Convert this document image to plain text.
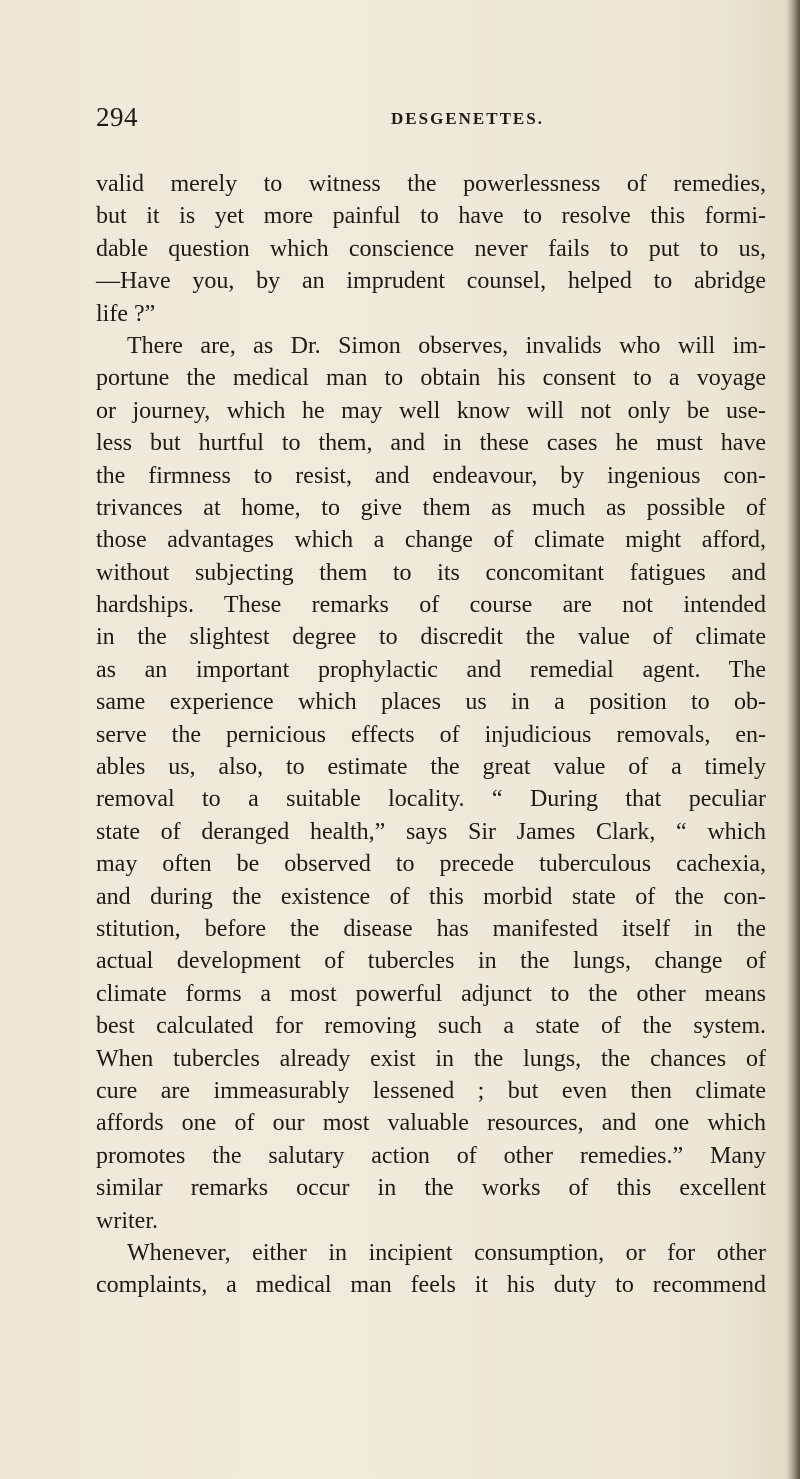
294	DESGENETTES.
valid merely to witness the powerlessness of remedies,
but it is yet more painful to have to resolve this formi-
dable question which conscience never fails to put to us,
—Have you, by an imprudent counsel, helped to abridge
life ?”
There are, as Dr. Simon observes, invalids who will im-
portune the medical man to obtain his consent to a voyage
or journey, which he may well know will not only be use-
less but hurtful to them, and in these cases he must have
the firmness to resist, and endeavour, by ingenious con-
trivances at home, to give them as much as possible of
those advantages which a change of climate might afford,
without subjecting them to its concomitant fatigues and
hardships. These remarks of course are not intended
in the slightest degree to discredit the value of climate
as an important prophylactic and remedial agent. The
same experience which places us in a position to ob-
serve the pernicious effects of injudicious removals, en-
ables us, also, to estimate the great value of a timely
removal to a suitable locality. “ During that peculiar
state of deranged health,” says Sir James Clark, “ which
may often be observed to precede tuberculous cachexia,
and during the existence of this morbid state of the con-
stitution, before the disease has manifested itself in the
actual development of tubercles in the lungs, change of
climate forms a most powerful adjunct to the other means
best calculated for removing such a state of the system.
When tubercles already exist in the lungs, the chances of
cure are immeasurably lessened ; but even then climate
affords one of our most valuable resources, and one which
promotes the salutary action of other remedies.” Many
similar remarks occur in the works of this excellent
writer.
Whenever, either in incipient consumption, or for other
complaints, a medical man feels it his duty to recommend
